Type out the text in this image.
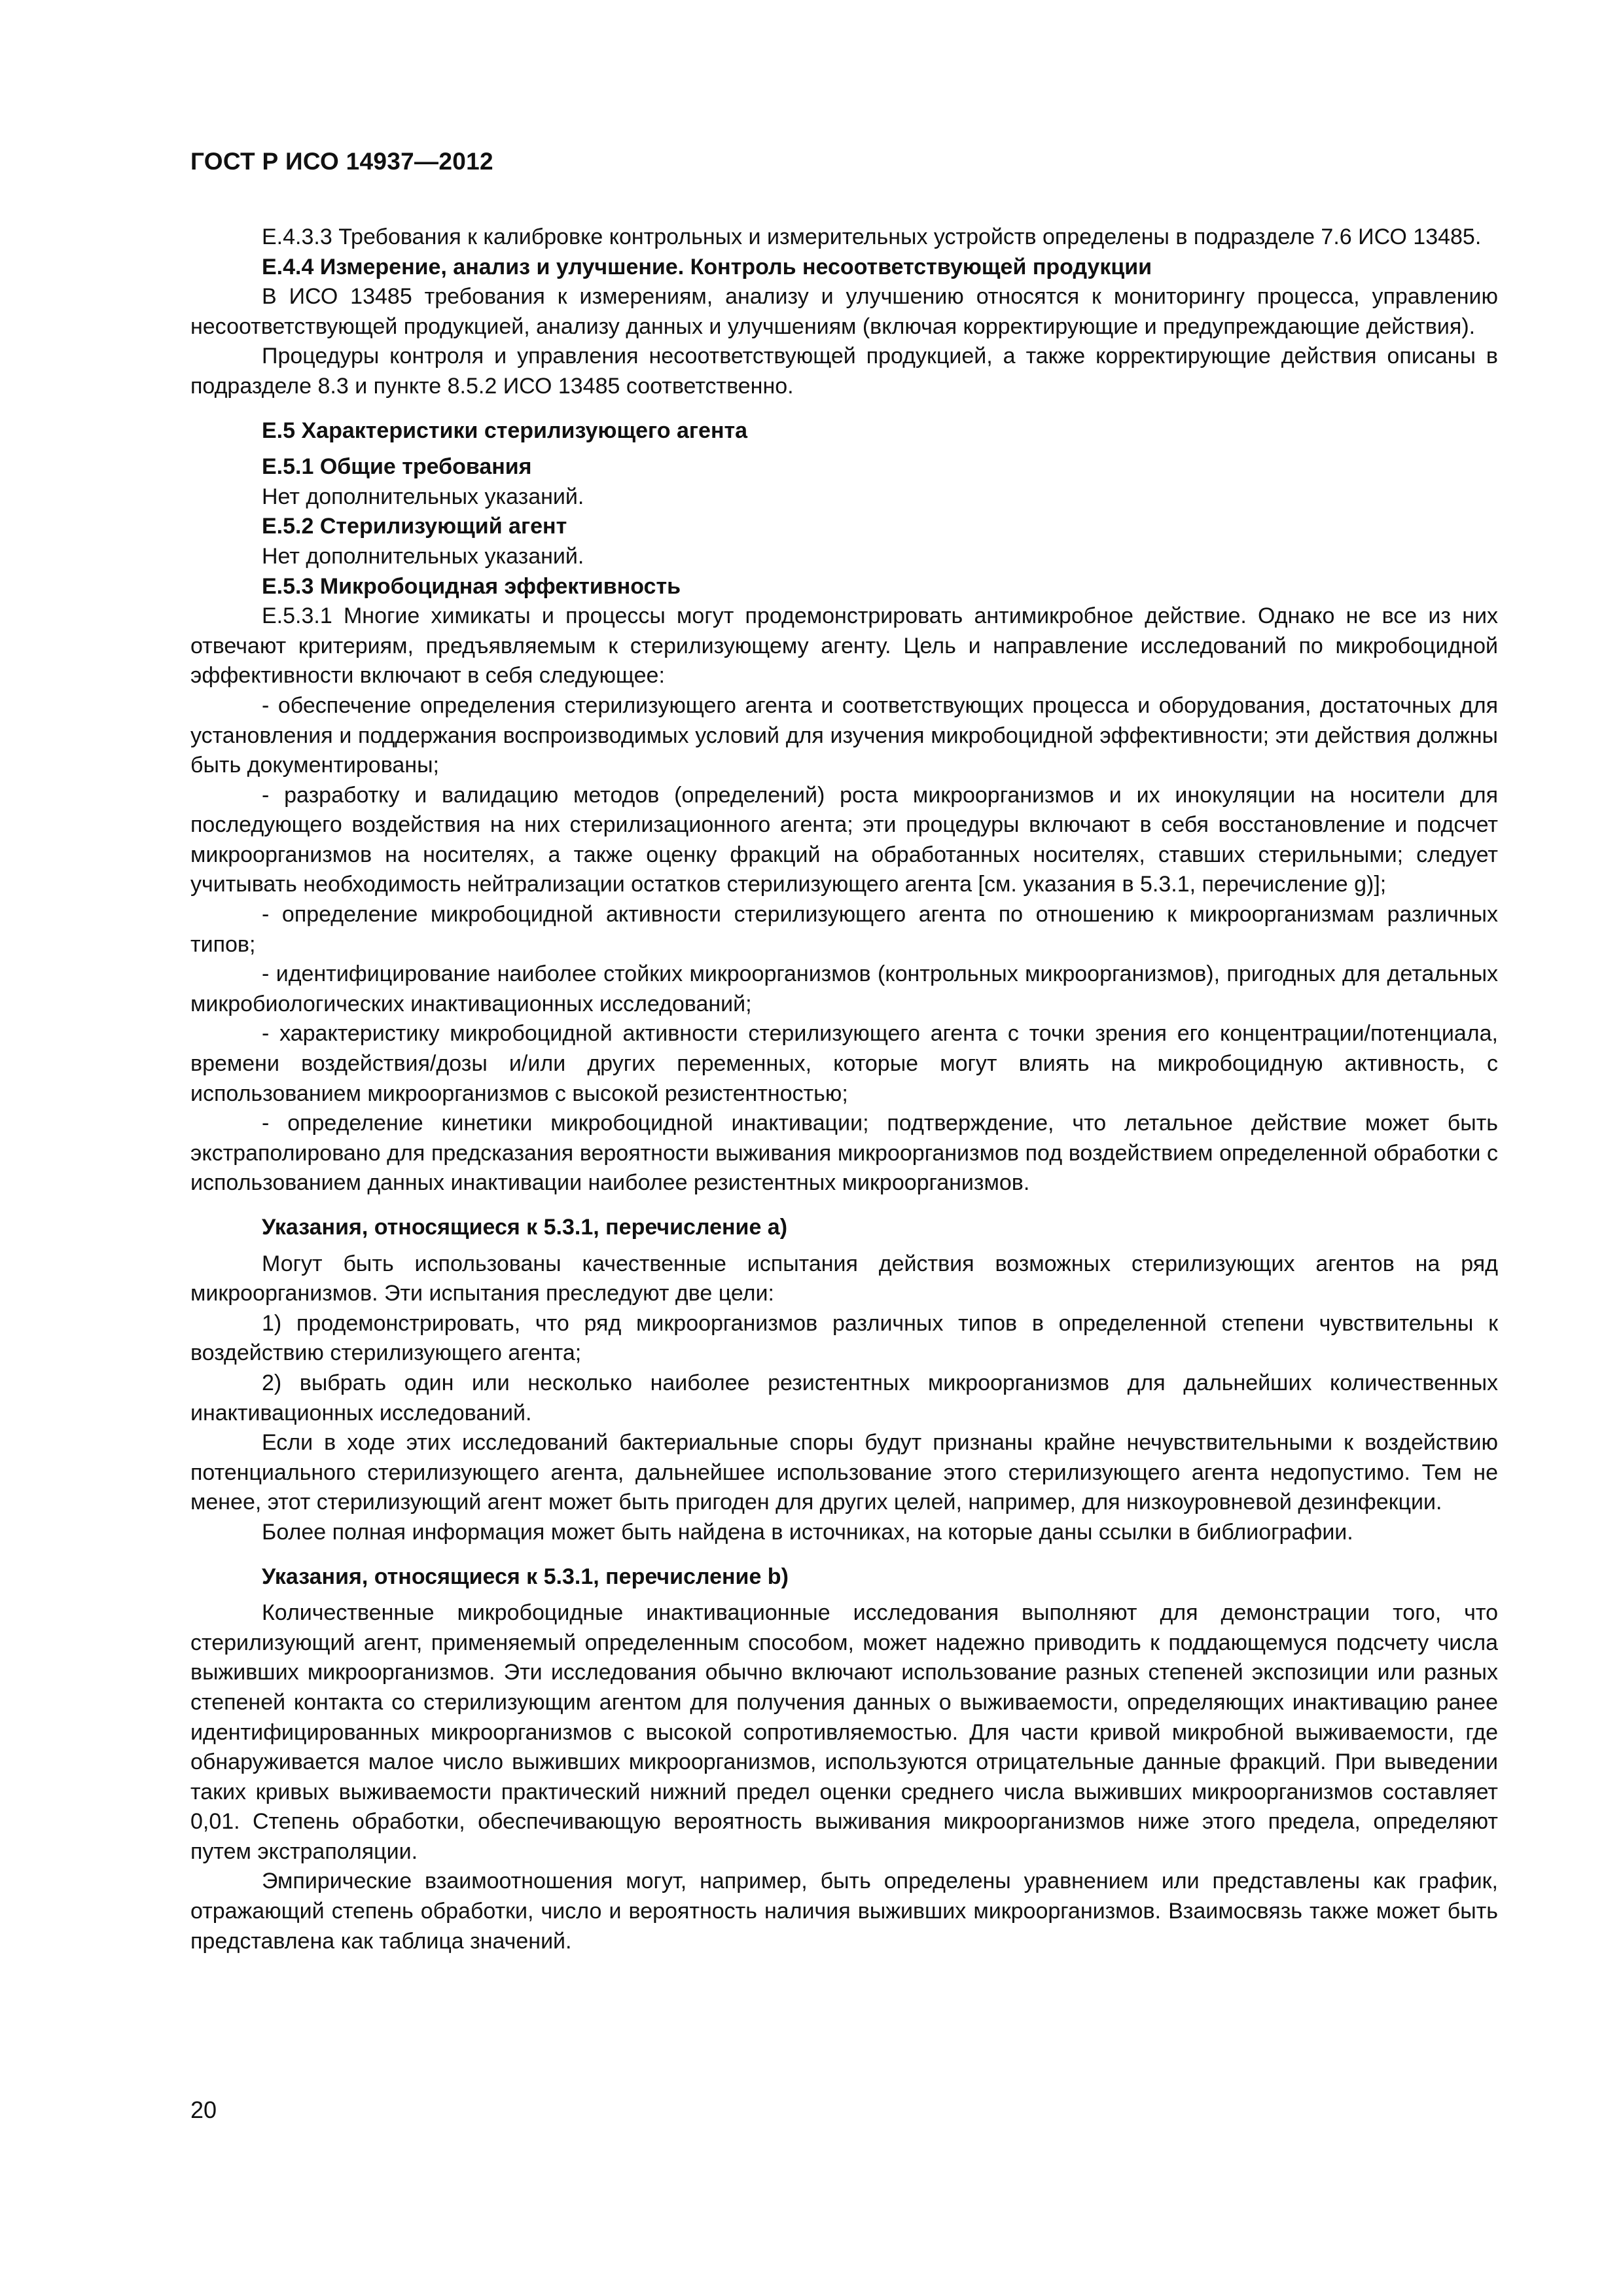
ГОСТ Р ИСО 14937—2012

Е.4.3.3 Требования к калибровке контрольных и измерительных устройств определены в подразделе 7.6 ИСО 13485.

Е.4.4 Измерение, анализ и улучшение. Контроль несоответствующей продукции

В ИСО 13485 требования к измерениям, анализу и улучшению относятся к мониторингу процесса, управлению несоответствующей продукцией, анализу данных и улучшениям (включая корректирующие и предупреждающие действия).

Процедуры контроля и управления несоответствующей продукцией, а также корректирующие действия описаны в подразделе 8.3 и пункте 8.5.2 ИСО 13485 соответственно.

Е.5 Характеристики стерилизующего агента

Е.5.1 Общие требования

Нет дополнительных указаний.

Е.5.2 Стерилизующий агент

Нет дополнительных указаний.

Е.5.3 Микробоцидная эффективность

Е.5.3.1 Многие химикаты и процессы могут продемонстрировать антимикробное действие. Однако не все из них отвечают критериям, предъявляемым к стерилизующему агенту. Цель и направление исследований по микробоцидной эффективности включают в себя следующее:

- обеспечение определения стерилизующего агента и соответствующих процесса и оборудования, достаточных для установления и поддержания воспроизводимых условий для изучения микробоцидной эффективности; эти действия должны быть документированы;

- разработку и валидацию методов (определений) роста микроорганизмов и их инокуляции на носители для последующего воздействия на них стерилизационного агента; эти процедуры включают в себя восстановление и подсчет микроорганизмов на носителях, а также оценку фракций на обработанных носителях, ставших стерильными; следует учитывать необходимость нейтрализации остатков стерилизующего агента [см. указания в 5.3.1, перечисление g)];

- определение микробоцидной активности стерилизующего агента по отношению к микроорганизмам различных типов;

- идентифицирование наиболее стойких микроорганизмов (контрольных микроорганизмов), пригодных для детальных микробиологических инактивационных исследований;

- характеристику микробоцидной активности стерилизующего агента с точки зрения его концентрации/потенциала, времени воздействия/дозы и/или других переменных, которые могут влиять на микробоцидную активность, с использованием микроорганизмов с высокой резистентностью;

- определение кинетики микробоцидной инактивации; подтверждение, что летальное действие может быть экстраполировано для предсказания вероятности выживания микроорганизмов под воздействием определенной обработки с использованием данных инактивации наиболее резистентных микроорганизмов.

Указания, относящиеся к 5.3.1, перечисление а)

Могут быть использованы качественные испытания действия возможных стерилизующих агентов на ряд микроорганизмов. Эти испытания преследуют две цели:

1) продемонстрировать, что ряд микроорганизмов различных типов в определенной степени чувствительны к воздействию стерилизующего агента;

2) выбрать один или несколько наиболее резистентных микроорганизмов для дальнейших количественных инактивационных исследований.

Если в ходе этих исследований бактериальные споры будут признаны крайне нечувствительными к воздействию потенциального стерилизующего агента, дальнейшее использование этого стерилизующего агента недопустимо. Тем не менее, этот стерилизующий агент может быть пригоден для других целей, например, для низкоуровневой дезинфекции.

Более полная информация может быть найдена в источниках, на которые даны ссылки в библиографии.

Указания, относящиеся к 5.3.1, перечисление b)

Количественные микробоцидные инактивационные исследования выполняют для демонстрации того, что стерилизующий агент, применяемый определенным способом, может надежно приводить к поддающемуся подсчету числа выживших микроорганизмов. Эти исследования обычно включают использование разных степеней экспозиции или разных степеней контакта со стерилизующим агентом для получения данных о выживаемости, определяющих инактивацию ранее идентифицированных микроорганизмов с высокой сопротивляемостью. Для части кривой микробной выживаемости, где обнаруживается малое число выживших микроорганизмов, используются отрицательные данные фракций. При выведении таких кривых выживаемости практический нижний предел оценки среднего числа выживших микроорганизмов составляет 0,01. Степень обработки, обеспечивающую вероятность выживания микроорганизмов ниже этого предела, определяют путем экстраполяции.

Эмпирические взаимоотношения могут, например, быть определены уравнением или представлены как график, отражающий степень обработки, число и вероятность наличия выживших микроорганизмов. Взаимосвязь также может быть представлена как таблица значений.

20
